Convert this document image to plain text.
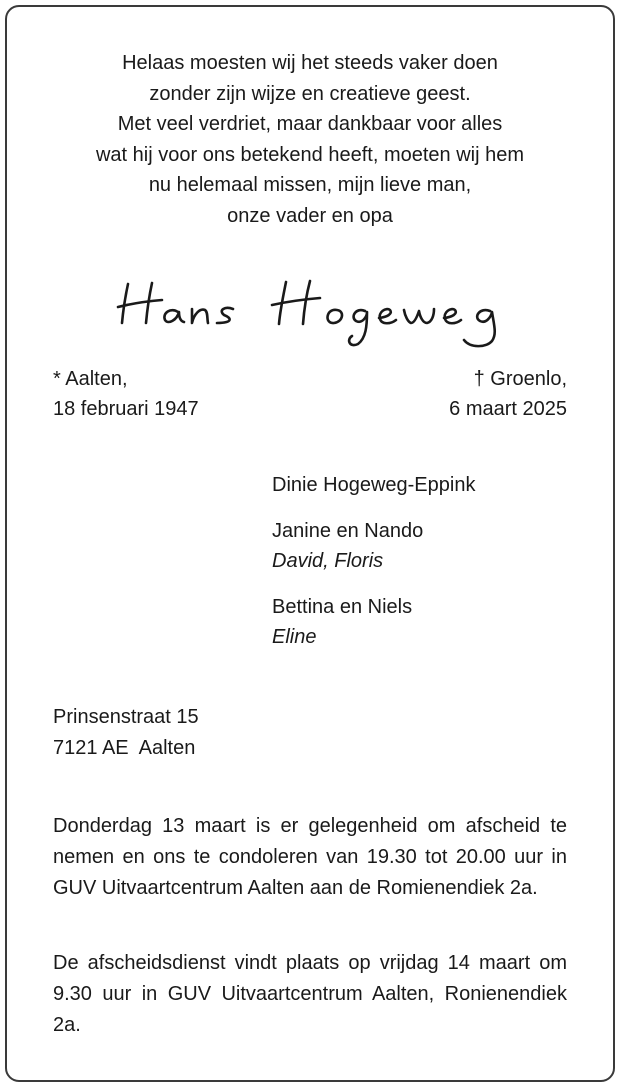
Helaas moesten wij het steeds vaker doen
zonder zijn wijze en creatieve geest.
Met veel verdriet, maar dankbaar voor alles
wat hij voor ons betekend heeft, moeten wij hem
nu helemaal missen, mijn lieve man,
onze vader en opa
* Aalten,
18 februari 1947
† Groenlo,
6 maart 2025
Dinie Hogeweg-Eppink
Janine en Nando
David, Floris
Bettina en Niels
Eline
Prinsenstraat 15
7121 AE  Aalten
Donderdag 13 maart is er gelegenheid om afscheid te nemen en ons te condoleren van 19.30 tot 20.00 uur in GUV Uitvaartcentrum Aalten aan de Romienendiek 2a.
De afscheidsdienst vindt plaats op vrijdag 14 maart om 9.30 uur in GUV Uitvaartcentrum Aalten, Ronienendiek 2a.
